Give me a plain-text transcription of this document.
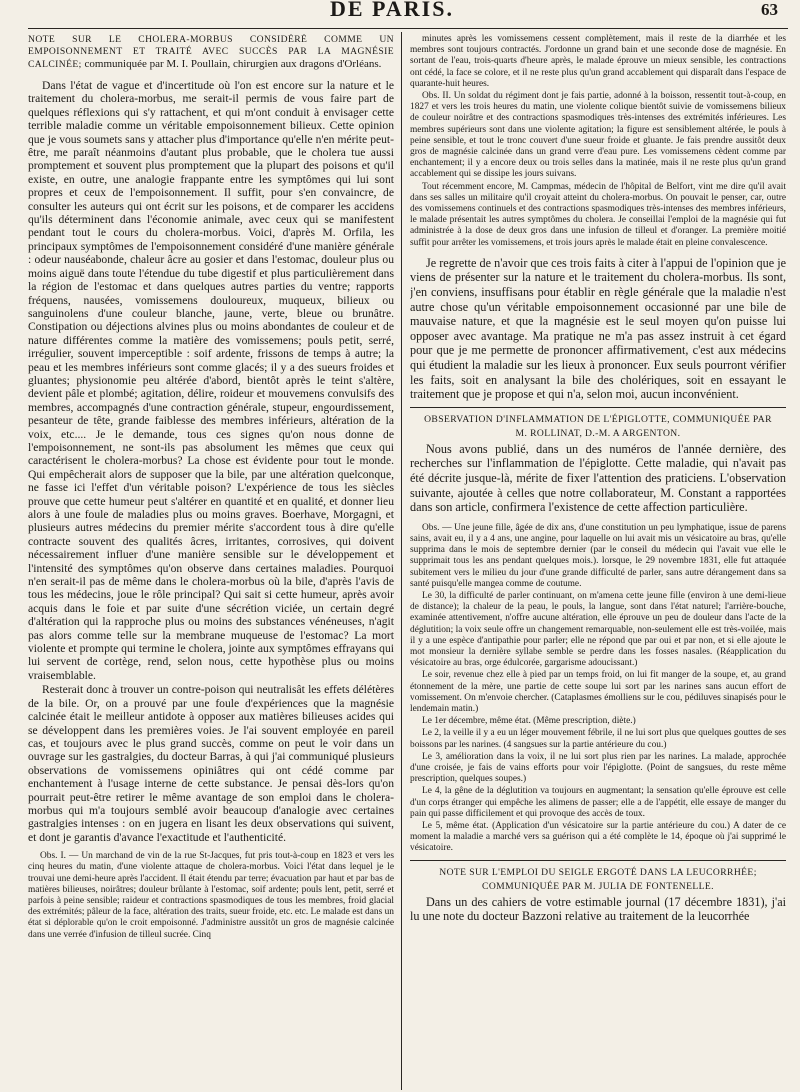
DE PARIS.	63

NOTE SUR LE CHOLERA-MORBUS CONSIDÉRÉ COMME UN EMPOISONNEMENT ET TRAITÉ AVEC SUCCÈS PAR LA MAGNÉSIE CALCINÉE; communiquée par M. I. Poullain, chirurgien aux dragons d'Orléans.

Dans l'état de vague et d'incertitude où l'on est encore sur la nature et le traitement du cholera-morbus, me serait-il permis de vous faire part de quelques réflexions qui s'y rattachent, et qui m'ont conduit à envisager cette terrible maladie comme un véritable empoisonnement bilieux. Cette opinion que je vous soumets sans y attacher plus d'importance qu'elle n'en mérite peut-être, me paraît néanmoins d'autant plus probable, que le cholera tue aussi promptement et souvent plus promptement que la plupart des poisons et qu'il existe, en outre, une analogie frappante entre les symptômes qui lui sont propres et ceux de l'empoisonnement. Il suffit, pour s'en convaincre, de consulter les auteurs qui ont écrit sur les poisons, et de comparer les accidens qu'ils déterminent dans l'économie animale, avec ceux qui se manifestent pendant tout le cours du cholera-morbus. Voici, d'après M. Orfila, les principaux symptômes de l'empoisonnement considéré d'une manière générale : odeur nauséabonde, chaleur âcre au gosier et dans l'estomac, douleur plus ou moins aiguë dans toute l'étendue du tube digestif et plus particulièrement dans la région de l'estomac et dans quelques autres parties du ventre; rapports fréquens, nausées, vomissemens douloureux, muqueux, bilieux ou sanguinolens d'une couleur blanche, jaune, verte, bleue ou brunâtre. Constipation ou déjections alvines plus ou moins abondantes de couleur et de nature différentes comme la matière des vomissemens; pouls petit, serré, irrégulier, souvent imperceptible : soif ardente, frissons de temps à autre; la peau et les membres inférieurs sont comme glacés; il y a des sueurs froides et gluantes; physionomie peu altérée d'abord, bientôt après le teint s'altère, devient pâle et plombé; agitation, délire, roideur et mouvemens convulsifs des membres, accompagnés d'une contraction générale, stupeur, engourdissement, pesanteur de tête, grande faiblesse des membres inférieurs, altération de la voix, etc.... Je le demande, tous ces signes qu'on nous donne de l'empoisonnement, ne sont-ils pas absolument les mêmes que ceux qui caractérisent le cholera-morbus? La chose est évidente pour tout le monde. Qui empêcherait alors de supposer que la bile, par une altération quelconque, ne fasse ici l'effet d'un véritable poison? L'expérience de tous les siècles prouve que cette humeur peut s'altérer en quantité et en qualité, et donner lieu alors à une foule de maladies plus ou moins graves. Boerhave, Morgagni, et plusieurs autres médecins du premier mérite s'accordent tous à dire qu'elle contracte souvent des qualités âcres, irritantes, corrosives, qui doivent nécessairement influer d'une manière sensible sur le développement et l'intensité des symptômes qu'on observe dans certaines maladies. Pourquoi n'en serait-il pas de même dans le cholera-morbus où la bile, d'après l'avis de tous les médecins, joue le rôle principal? Qui sait si cette humeur, après avoir acquis dans le foie et par suite d'une sécrétion viciée, un certain degré d'altération qui la rapproche plus ou moins des substances vénéneuses, n'agit pas alors comme telle sur la membrane muqueuse de l'estomac? La mort violente et prompte qui termine le cholera, jointe aux symptômes effrayans qui lui servent de cortège, rend, selon nous, cette hypothèse plus ou moins vraisemblable.

Resterait donc à trouver un contre-poison qui neutralisât les effets délétères de la bile. Or, on a prouvé par une foule d'expériences que la magnésie calcinée était le meilleur antidote à opposer aux matières bilieuses acides qui se développent dans les premières voies. Je l'ai souvent employée en pareil cas, et toujours avec le plus grand succès, comme on peut le voir dans un ouvrage sur les gastralgies, du docteur Barras, à qui j'ai communiqué plusieurs observations de vomissemens opiniâtres qui ont cédé comme par enchantement à l'usage interne de cette substance. Je pensai dès-lors qu'on pourrait peut-être retirer le même avantage de son emploi dans le cholera-morbus qui m'a toujours semblé avoir beaucoup d'analogie avec certaines gastralgies intenses : on en jugera en lisant les deux observations qui suivent, et dont je garantis d'avance l'exactitude et l'authenticité.

Obs. I. — Un marchand de vin de la rue St-Jacques, fut pris tout-à-coup en 1823 et vers les cinq heures du matin, d'une violente attaque de cholera-morbus. Voici l'état dans lequel je le trouvai une demi-heure après l'accident. Il était étendu par terre; évacuation par haut et par bas de matières bilieuses, noirâtres; douleur brûlante à l'estomac, soif ardente; pouls lent, petit, serré et parfois à peine sensible; raideur et contractions spasmodiques de tous les membres, froid glacial des extrémités; pâleur de la face, altération des traits, sueur froide, etc. etc. Le malade est dans un état si déplorable qu'on le croit empoisonné. J'administre aussitôt un gros de magnésie calcinée dans une verrée d'infusion de tilleul sucrée. Cinq

minutes après les vomissemens cessent complètement, mais il reste de la diarrhée et les membres sont toujours contractés. J'ordonne un grand bain et une seconde dose de magnésie. En sortant de l'eau, trois-quarts d'heure après, le malade éprouve un mieux sensible, les contractions ont cédé, la face se colore, et il ne reste plus qu'un grand accablement qui disparaît dans l'espace de quarante-huit heures.

Obs. II. Un soldat du régiment dont je fais partie, adonné à la boisson, ressentit tout-à-coup, en 1827 et vers les trois heures du matin, une violente colique bientôt suivie de vomissemens bilieux de couleur noirâtre et des contractions spasmodiques très-intenses des extrémités inférieures. Les membres supérieurs sont dans une violente agitation; la figure est sensiblement altérée, le pouls à peine sensible, et tout le tronc couvert d'une sueur froide et gluante. Je fais prendre aussitôt deux gros de magnésie calcinée dans un grand verre d'eau pure. Les vomissemens cèdent comme par enchantement; il y a encore deux ou trois selles dans la matinée, mais il ne reste plus qu'un grand accablement qui se dissipe les jours suivans.

Tout récemment encore, M. Campmas, médecin de l'hôpital de Belfort, vint me dire qu'il avait dans ses salles un militaire qu'il croyait atteint du cholera-morbus. On pouvait le penser, car, outre des vomissemens continuels et des contractions spasmodiques très-intenses des membres inférieurs, le malade présentait les autres symptômes du cholera. Je conseillai l'emploi de la magnésie qui fut administrée à la dose de deux gros dans une infusion de tilleul et d'oranger. La première moitié suffit pour arrêter les vomissemens, et trois jours après le malade était en pleine convalescence.

Je regrette de n'avoir que ces trois faits à citer à l'appui de l'opinion que je viens de présenter sur la nature et le traitement du cholera-morbus. Ils sont, j'en conviens, insuffisans pour établir en règle générale que la maladie n'est autre chose qu'un véritable empoisonnement occasionné par une bile de mauvaise nature, et que la magnésie est le seul moyen qu'on puisse lui opposer avec avantage. Ma pratique ne m'a pas assez instruit à cet égard pour que je me permette de prononcer affirmativement, c'est aux médecins qui étudient la maladie sur les lieux à prononcer. Eux seuls pourront vérifier les faits, soit en analysant la bile des cholériques, soit en essayant le traitement que je propose et qui n'a, selon moi, aucun inconvénient.

OBSERVATION D'INFLAMMATION DE L'ÉPIGLOTTE, COMMUNIQUÉE PAR

M. ROLLINAT, D.-M. A ARGENTON.

Nous avons publié, dans un des numéros de l'année dernière, des recherches sur l'inflammation de l'épiglotte. Cette maladie, qui n'avait pas été décrite jusque-là, mérite de fixer l'attention des praticiens. L'observation suivante, ajoutée à celles que notre collaborateur, M. Constant a rapportées dans son article, confirmera l'existence de cette affection particulière.

Obs. — Une jeune fille, âgée de dix ans, d'une constitution un peu lymphatique, issue de parens sains, avait eu, il y a 4 ans, une angine, pour laquelle on lui avait mis un vésicatoire au bras, qu'elle supprima dans le mois de septembre dernier (par le conseil du médecin qui l'avait vue elle le supprimait tous les ans pendant quelques mois.). lorsque, le 29 novembre 1831, elle fut attaquée subitement vers le milieu du jour d'une grande difficulté de parler, sans autre dérangement dans sa santé puisqu'elle mangea comme de coutume.

Le 30, la difficulté de parler continuant, on m'amena cette jeune fille (environ à une demi-lieue de distance); la chaleur de la peau, le pouls, la langue, sont dans l'état naturel; l'arrière-bouche, examinée attentivement, n'offre aucune altération, elle éprouve un peu de douleur dans l'acte de la déglutition; la voix seule offre un changement remarquable, non-seulement elle est très-voilée, mais il y a une espèce d'antipathie pour parler; elle ne répond que par oui et par non, et si elle ajoute le mot monsieur la dernière syllabe semble se perdre dans les fosses nasales. (Réapplication du vésicatoire au bras, orge édulcorée, gargarisme adoucissant.)

Le soir, revenue chez elle à pied par un temps froid, on lui fit manger de la soupe, et, au grand étonnement de la mère, une partie de cette soupe lui sort par les narines sans aucun effort de vomissement. On m'envoie chercher. (Cataplasmes émolliens sur le cou, pédiluves sinapisés pour le lendemain matin.)

Le 1er décembre, même état. (Même prescription, diète.)

Le 2, la veille il y a eu un léger mouvement fébrile, il ne lui sort plus que quelques gouttes de ses boissons par les narines. (4 sangsues sur la partie antérieure du cou.)

Le 3, amélioration dans la voix, il ne lui sort plus rien par les narines. La malade, approchée d'une croisée, je fais de vains efforts pour voir l'épiglotte. (Point de sangsues, du reste même prescription, quelques soupes.)

Le 4, la gêne de la déglutition va toujours en augmentant; la sensation qu'elle éprouve est celle d'un corps étranger qui empêche les alimens de passer; elle a de l'appétit, elle essaye de manger du pain qui passe difficilement et qui provoque des accès de toux.

Le 5, même état. (Application d'un vésicatoire sur la partie antérieure du cou.) A dater de ce moment la maladie a marché vers sa guérison qui a été complète le 14, époque où j'ai supprimé le vésicatoire.

NOTE SUR L'EMPLOI DU SEIGLE ERGOTÉ DANS LA LEUCORRHÉE;

COMMUNIQUÉE PAR M. JULIA DE FONTENELLE.

Dans un des cahiers de votre estimable journal (17 décembre 1831), j'ai lu une note du docteur Bazzoni relative au traitement de la leucorrhée
